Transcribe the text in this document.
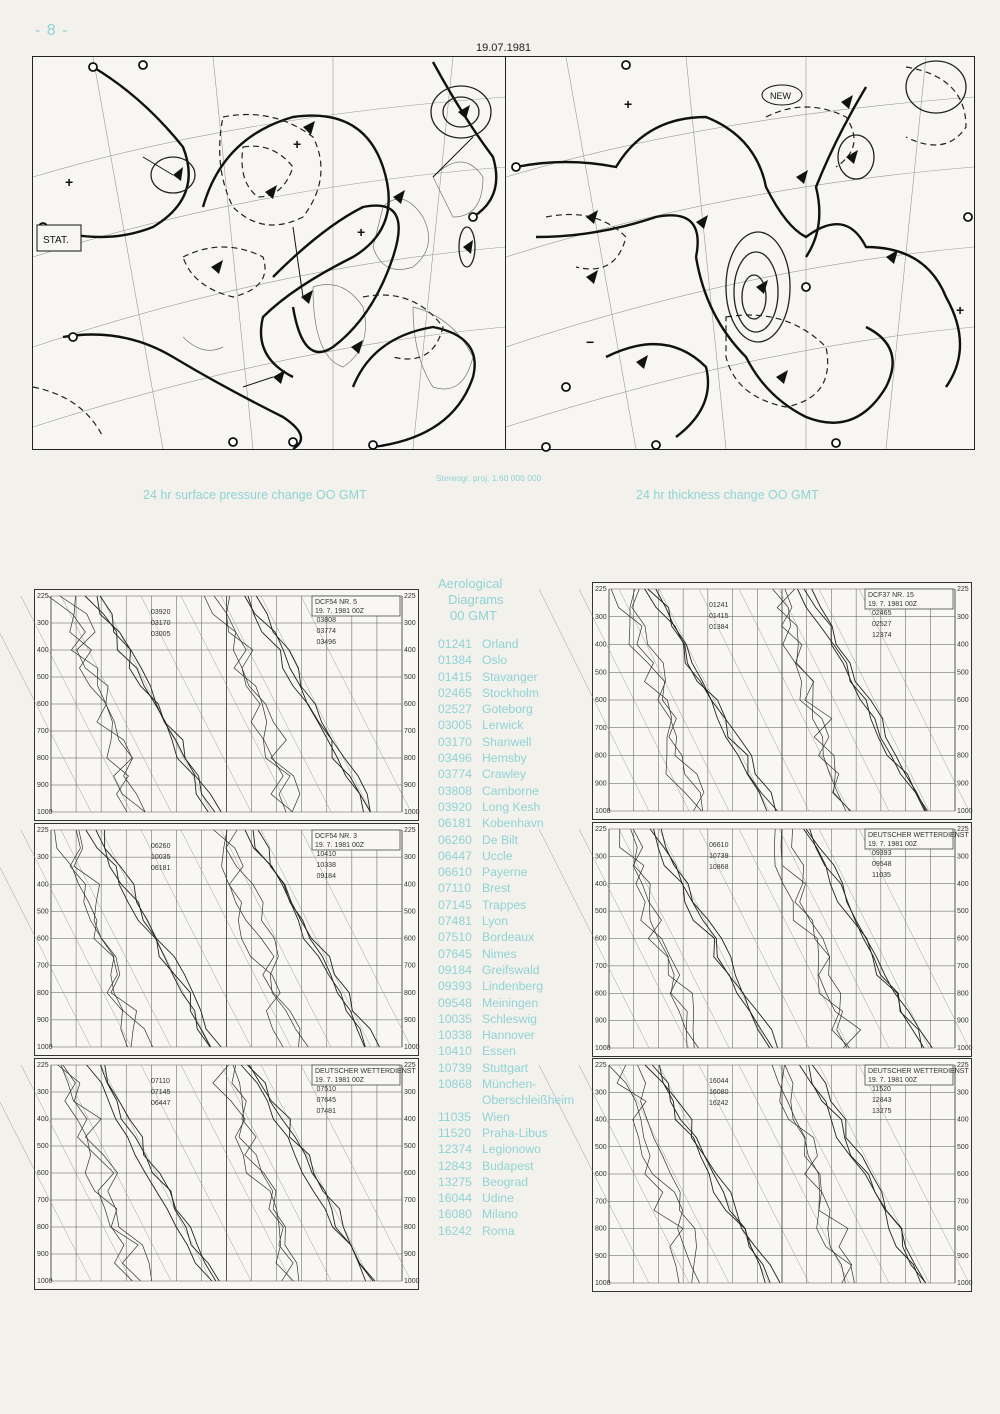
- 8 -
19.07.1981
+
+
+
STAT.
+
+
−
NEW
Stereogr. proj. 1:60 000 000
24 hr surface pressure change OO GMT	24 hr thickness change OO GMT
225	225
300	300
400	400
500	500
600	600
700	700
800	800
900	900
1000	1000
DCF54 NR. 5
19. 7. 1981 00Z
03920
03170
03005
03808
03774
03496
225	225
300	300
400	400
500	500
600	600
700	700
800	800
900	900
1000	1000
DCF54 NR. 3
19. 7. 1981 00Z
06260
10035
06181
10410
10338
09184
225	225
300	300
400	400
500	500
600	600
700	700
800	800
900	900
1000	1000
DEUTSCHER WETTERDIENST
19. 7. 1981 00Z
07110
07145
06447
07510
07645
07481
225	225
300	300
400	400
500	500
600	600
700	700
800	800
900	900
1000	1000
DCF37 NR. 15
19. 7. 1981 00Z
01241
01415
01384
02465
02527
12374
225	225
300	300
400	400
500	500
600	600
700	700
800	800
900	900
1000	1000
DEUTSCHER WETTERDIENST
19. 7. 1981 00Z
06610
10739
10868
09393
09548
11035
225	225
300	300
400	400
500	500
600	600
700	700
800	800
900	900
1000	1000
DEUTSCHER WETTERDIENST
19. 7. 1981 00Z
16044
16080
16242
11520
12843
13275
Aerological
Diagrams
00 GMT
01241 Orland
01384 Oslo
01415 Stavanger
02465 Stockholm
02527 Goteborg
03005 Lerwick
03170 Shanwell
03496 Hemsby
03774 Crawley
03808 Camborne
03920 Long Kesh
06181 Kobenhavn
06260 De Bilt
06447 Uccle
06610 Payerne
07110 Brest
07145 Trappes
07481 Lyon
07510 Bordeaux
07645 Nimes
09184 Greifswald
09393 Lindenberg
09548 Meiningen
10035 Schleswig
10338 Hannover
10410 Essen
10739 Stuttgart
10868 München-
Oberschleißheim
11035 Wien
11520 Praha-Libus
12374 Legionowo
12843 Budapest
13275 Beograd
16044 Udine
16080 Milano
16242 Roma
